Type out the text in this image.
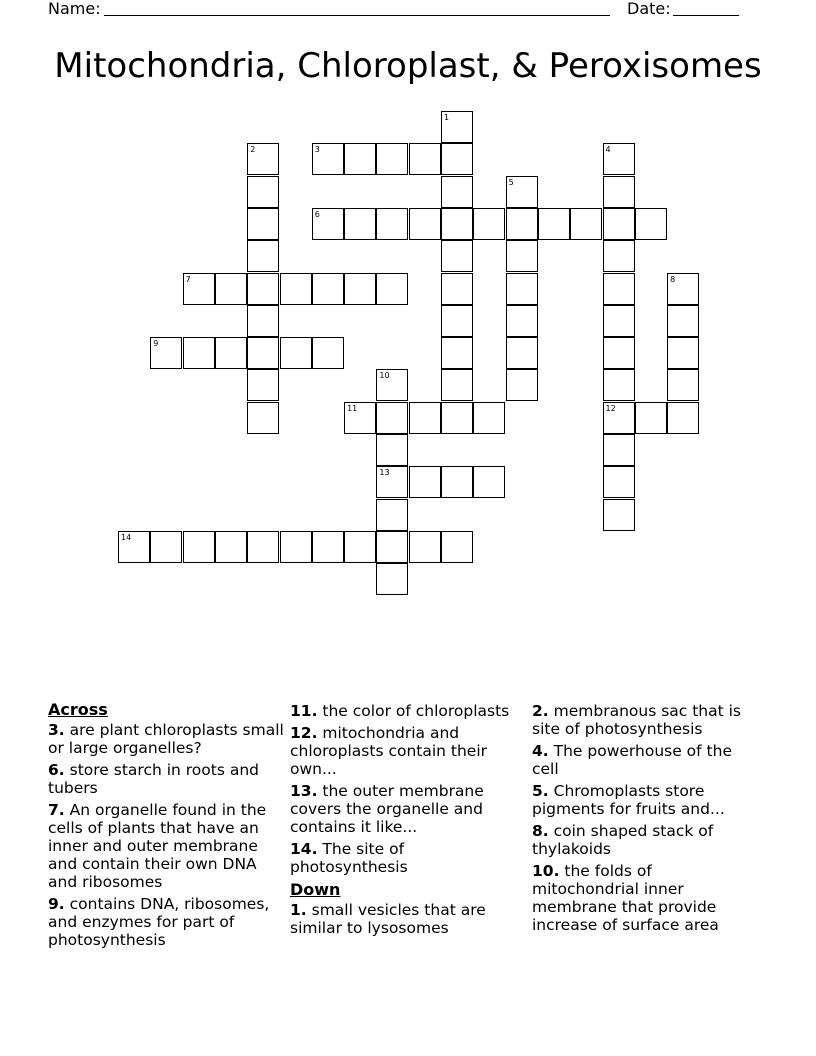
Name:	Date:
Mitochondria, Chloroplast, & Peroxisomes
3
6
7
9
11	12
13
14
1
2	4
5
8
10
Across
3. are plant chloroplasts small or large organelles?
6. store starch in roots and tubers
7. An organelle found in the cells of plants that have an inner and outer membrane and contain their own DNA and ribosomes
9. contains DNA, ribosomes, and enzymes for part of photosynthesis
11. the color of chloroplasts
12. mitochondria and chloroplasts contain their own...
13. the outer membrane covers the organelle and contains it like...
14. The site of photosynthesis
Down
1. small vesicles that are similar to lysosomes
2. membranous sac that is site of photosynthesis
4. The powerhouse of the cell
5. Chromoplasts store pigments for fruits and...
8. coin shaped stack of thylakoids
10. the folds of mitochondrial inner membrane that provide increase of surface area
